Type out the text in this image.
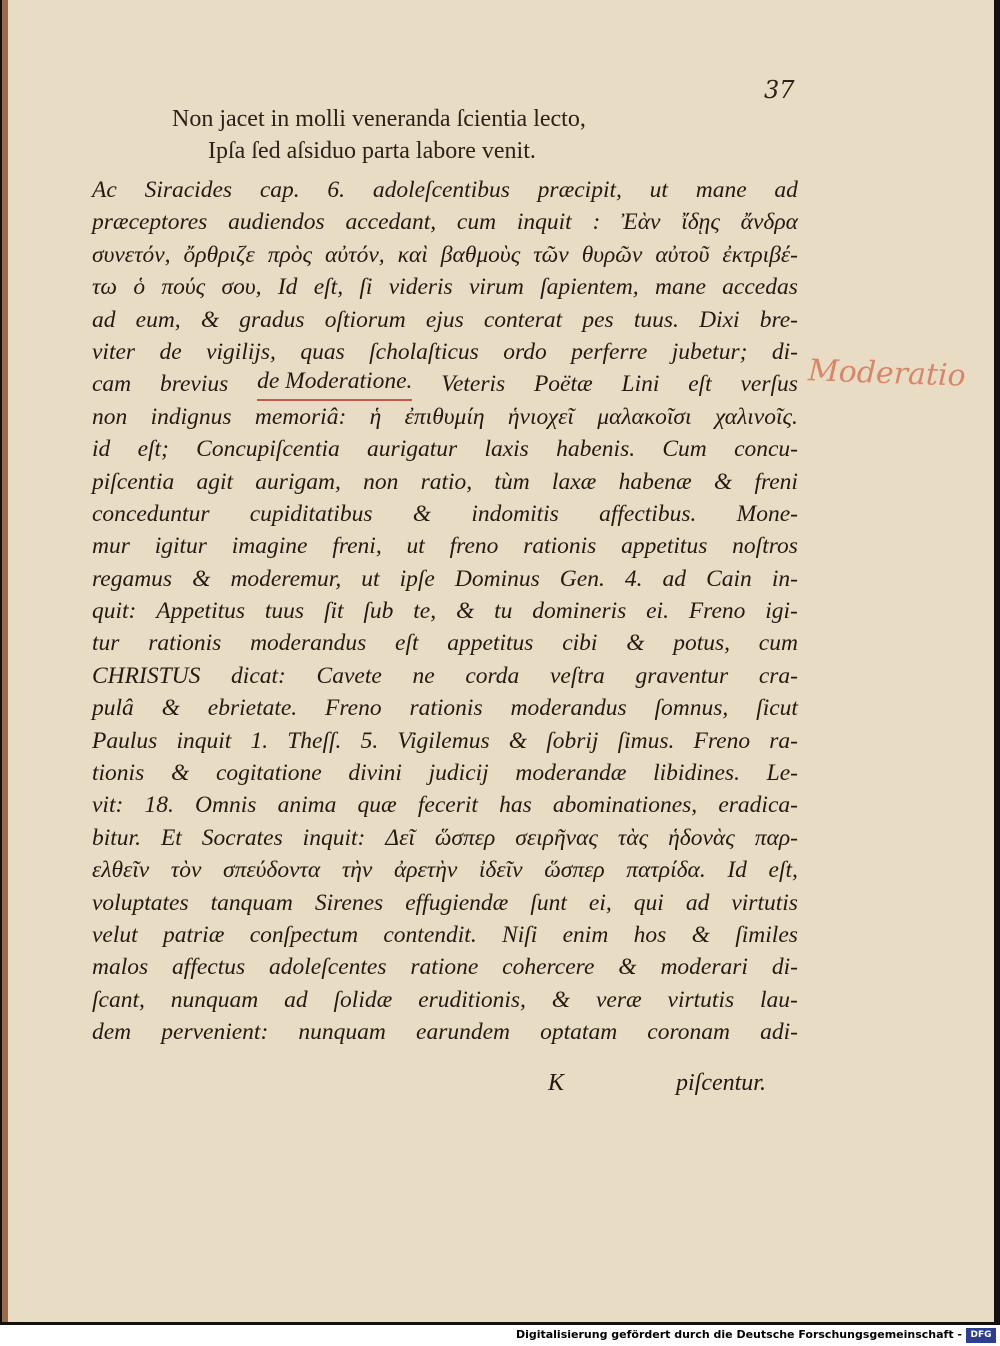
37
Non jacet in molli veneranda ſcientia lecto,
Ipſa ſed aſsiduo parta labore venit.
Ac Siracides cap. 6. adoleſcentibus præcipit, ut mane ad
præceptores audiendos accedant, cum inquit : Ἐὰν ἴδῃς ἄνδρα
συνετόν, ὄρθριζε πρὸς αὐτόν, καὶ βαθμοὺς τῶν θυρῶν αὐτοῦ ἐκτριβέ-
τω ὁ πούς σου, Id eſt, ſi videris virum ſapientem, mane accedas
ad eum, & gradus oſtiorum ejus conterat pes tuus. Dixi bre-
viter de vigilijs, quas ſcholaſticus ordo perferre jubetur; di-
cam brevius de Moderatione. Veteris Poëtæ Lini eſt verſus
non indignus memoriâ: ἡ ἐπιθυμίη ἡνιοχεῖ μαλακοῖσι χαλινοῖς.
id eſt; Concupiſcentia aurigatur laxis habenis. Cum concu-
piſcentia agit aurigam, non ratio, tùm laxæ habenæ & freni
conceduntur cupiditatibus & indomitis affectibus. Mone-
mur igitur imagine freni, ut freno rationis appetitus noſtros
regamus & moderemur, ut ipſe Dominus Gen. 4. ad Cain in-
quit: Appetitus tuus ſit ſub te, & tu domineris ei. Freno igi-
tur rationis moderandus eſt appetitus cibi & potus, cum
CHRISTUS dicat: Cavete ne corda veſtra graventur cra-
pulâ & ebrietate. Freno rationis moderandus ſomnus, ſicut
Paulus inquit 1. Theſſ. 5. Vigilemus & ſobrij ſimus. Freno ra-
tionis & cogitatione divini judicij moderandæ libidines. Le-
vit: 18. Omnis anima quæ fecerit has abominationes, eradica-
bitur. Et Socrates inquit: Δεῖ ὥσπερ σειρῆνας τὰς ἡδονὰς παρ-
ελθεῖν τὸν σπεύδοντα τὴν ἀρετὴν ἰδεῖν ὥσπερ πατρίδα. Id eſt,
voluptates tanquam Sirenes effugiendæ ſunt ei, qui ad virtutis
velut patriæ conſpectum contendit. Niſi enim hos & ſimiles
malos affectus adoleſcentes ratione cohercere & moderari di-
ſcant, nunquam ad ſolidæ eruditionis, & veræ virtutis lau-
dem pervenient: nunquam earundem optatam coronam adi-
Moderatio
K	piſcentur.
Digitalisierung gefördert durch die Deutsche Forschungsgemeinschaft - DFG
